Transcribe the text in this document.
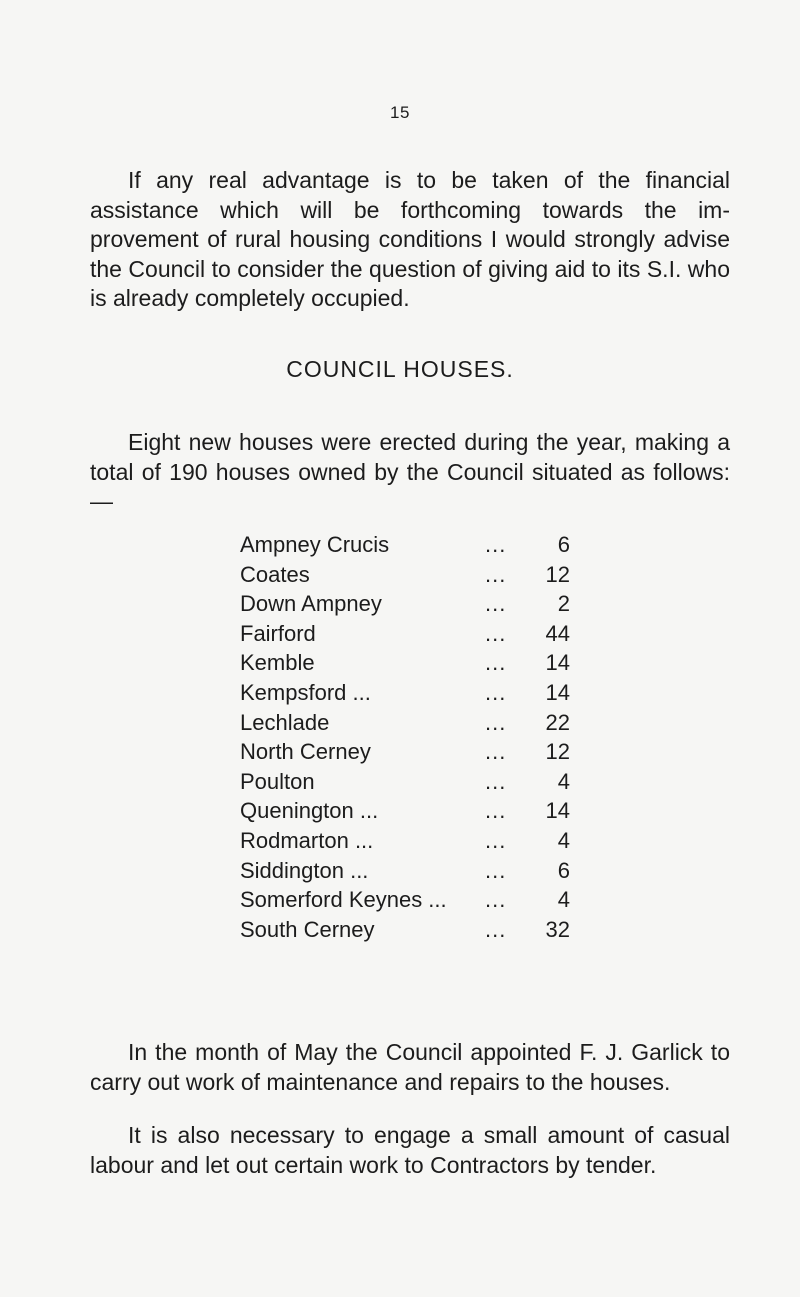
15

If any real advantage is to be taken of the financial assistance which will be forthcoming towards the im-provement of rural housing conditions I would strongly advise the Council to consider the question of giving aid to its S.I. who is already completely occupied.

COUNCIL HOUSES.

Eight new houses were erected during the year, making a total of 190 houses owned by the Council situated as follows:—

Ampney Crucis	... 6
Coates	... 12
Down Ampney	... 2
Fairford	... 44
Kemble	... 14
Kempsford ...	... 14
Lechlade	... 22
North Cerney	... 12
Poulton	... 4
Quenington ...	... 14
Rodmarton ...	... 4
Siddington ...	... 6
Somerford Keynes ... ... 4
South Cerney	... 32

In the month of May the Council appointed F. J. Garlick to carry out work of maintenance and repairs to the houses.

It is also necessary to engage a small amount of casual labour and let out certain work to Contractors by tender.
